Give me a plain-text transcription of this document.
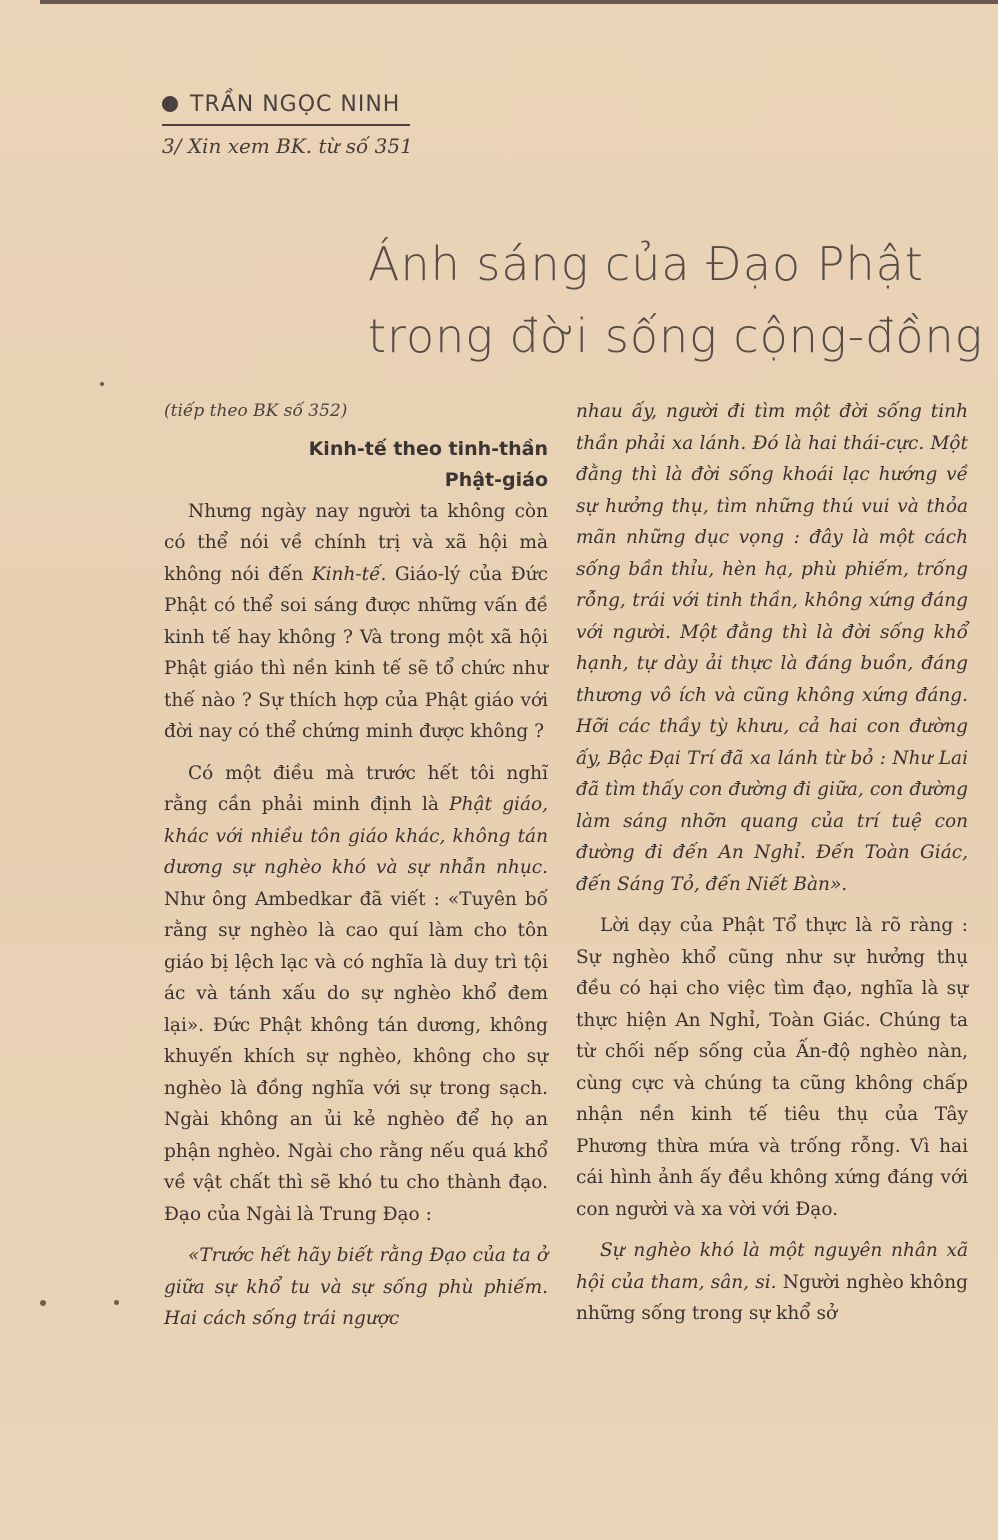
TRẦN NGỌC NINH
3/ Xin xem BK. từ số 351
Ánh sáng của Đạo Phật
trong đời sống cộng-đồng

(tiếp theo BK số 352)

Kinh-tế theo tinh-thần
Phật-giáo

Nhưng ngày nay người ta không còn có thể nói về chính trị và xã hội mà không nói đến Kinh-tế. Giáo-lý của Đức Phật có thể soi sáng được những vấn đề kinh tế hay không ? Và trong một xã hội Phật giáo thì nền kinh tế sẽ tổ chức như thế nào ? Sự thích hợp của Phật giáo với đời nay có thể chứng minh được không ?

Có một điều mà trước hết tôi nghĩ rằng cần phải minh định là Phật giáo, khác với nhiều tôn giáo khác, không tán dương sự nghèo khó và sự nhẫn nhục. Như ông Ambedkar đã viết : «Tuyên bố rằng sự nghèo là cao quí làm cho tôn giáo bị lệch lạc và có nghĩa là duy trì tội ác và tánh xấu do sự nghèo khổ đem lại». Đức Phật không tán dương, không khuyến khích sự nghèo, không cho sự nghèo là đồng nghĩa với sự trong sạch. Ngài không an ủi kẻ nghèo để họ an phận nghèo. Ngài cho rằng nếu quá khổ về vật chất thì sẽ khó tu cho thành đạo. Đạo của Ngài là Trung Đạo :

«Trước hết hãy biết rằng Đạo của ta ở giữa sự khổ tu và sự sống phù phiếm. Hai cách sống trái ngược

nhau ấy, người đi tìm một đời sống tinh thần phải xa lánh. Đó là hai thái-cực. Một đằng thì là đời sống khoái lạc hướng về sự hưởng thụ, tìm những thú vui và thỏa mãn những dục vọng : đây là một cách sống bần thỉu, hèn hạ, phù phiếm, trống rỗng, trái với tinh thần, không xứng đáng với người. Một đằng thì là đời sống khổ hạnh, tự dày ải thực là đáng buồn, đáng thương vô ích và cũng không xứng đáng. Hỡi các thầy tỳ khưu, cả hai con đường ấy, Bậc Đại Trí đã xa lánh từ bỏ : Như Lai đã tìm thấy con đường đi giữa, con đường làm sáng nhỡn quang của trí tuệ con đường đi đến An Nghỉ. Đến Toàn Giác, đến Sáng Tỏ, đến Niết Bàn».

Lời dạy của Phật Tổ thực là rõ ràng : Sự nghèo khổ cũng như sự hưởng thụ đều có hại cho việc tìm đạo, nghĩa là sự thực hiện An Nghỉ, Toàn Giác. Chúng ta từ chối nếp sống của Ấn-độ nghèo nàn, cùng cực và chúng ta cũng không chấp nhận nền kinh tế tiêu thụ của Tây Phương thừa mứa và trống rỗng. Vì hai cái hình ảnh ấy đều không xứng đáng với con người và xa vời với Đạo.

Sự nghèo khó là một nguyên nhân xã hội của tham, sân, si. Người nghèo không những sống trong sự khổ sở
